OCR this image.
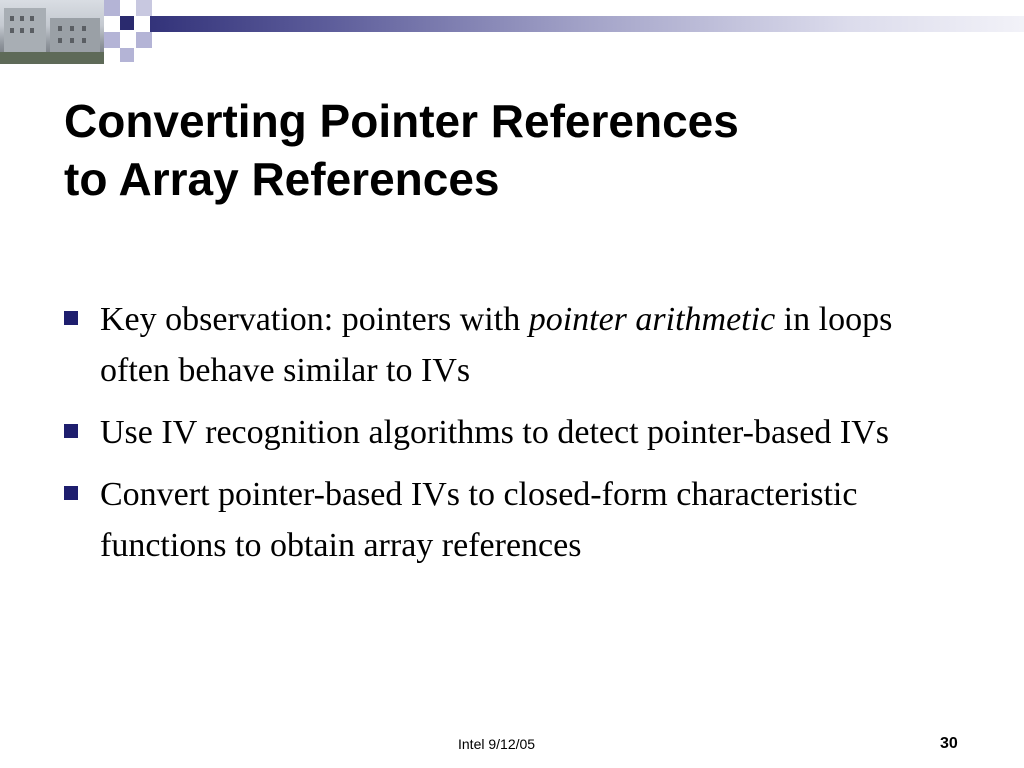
Converting Pointer References
to Array References
Key observation: pointers with pointer arithmetic in loops often behave similar to IVs
Use IV recognition algorithms to detect pointer-based IVs
Convert pointer-based IVs to closed-form characteristic functions to obtain array references
Intel 9/12/05	30
